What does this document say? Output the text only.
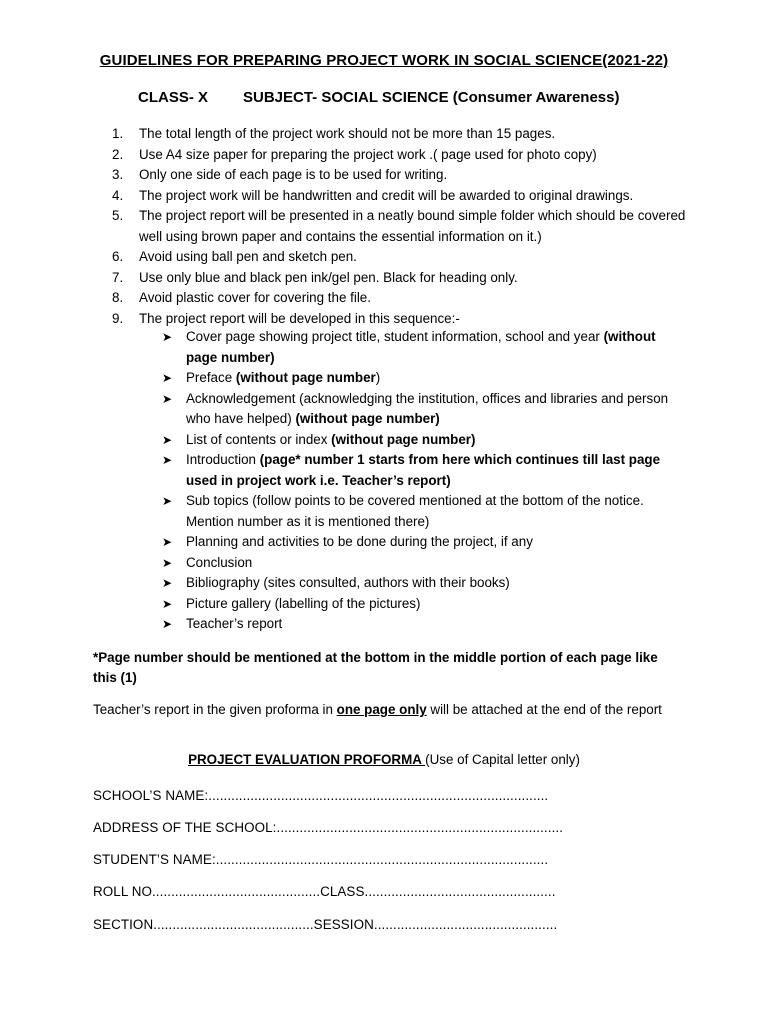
GUIDELINES FOR PREPARING PROJECT WORK IN SOCIAL SCIENCE(2021-22)
CLASS- X SUBJECT- SOCIAL SCIENCE (Consumer Awareness)
1.	The total length of the project work should not be more than 15 pages.
2.	Use A4 size paper for preparing the project work .( page used for photo copy)
3.	Only one side of each page is to be used for writing.
4.	The project work will be handwritten and credit will be awarded to original drawings.
5.	The project report will be presented in a neatly bound simple folder which should be covered well using brown paper and contains the essential information on it.)
6.	Avoid using ball pen and sketch pen.
7.	Use only blue and black pen ink/gel pen. Black for heading only.
8.	Avoid plastic cover for covering the file.
9.	The project report will be developed in this sequence:-
➤	Cover page showing project title, student information, school and year (without page number)
➤	Preface (without page number)
➤	Acknowledgement (acknowledging the institution, offices and libraries and person who have helped) (without page number)
➤	List of contents or index (without page number)
➤	Introduction (page* number 1 starts from here which continues till last page used in project work i.e. Teacher’s report)
➤	Sub topics (follow points to be covered mentioned at the bottom of the notice. Mention number as it is mentioned there)
➤	Planning and activities to be done during the project, if any
➤	Conclusion
➤	Bibliography (sites consulted, authors with their books)
➤	Picture gallery (labelling of the pictures)
➤	Teacher’s report
*Page number should be mentioned at the bottom in the middle portion of each page like this (1)
Teacher’s report in the given proforma in one page only will be attached at the end of the report
PROJECT EVALUATION PROFORMA (Use of Capital letter only)
SCHOOL’S NAME:.........................................................................................
ADDRESS OF THE SCHOOL:...........................................................................
STUDENT’S NAME:.......................................................................................
ROLL NO............................................CLASS..................................................
SECTION..........................................SESSION................................................
